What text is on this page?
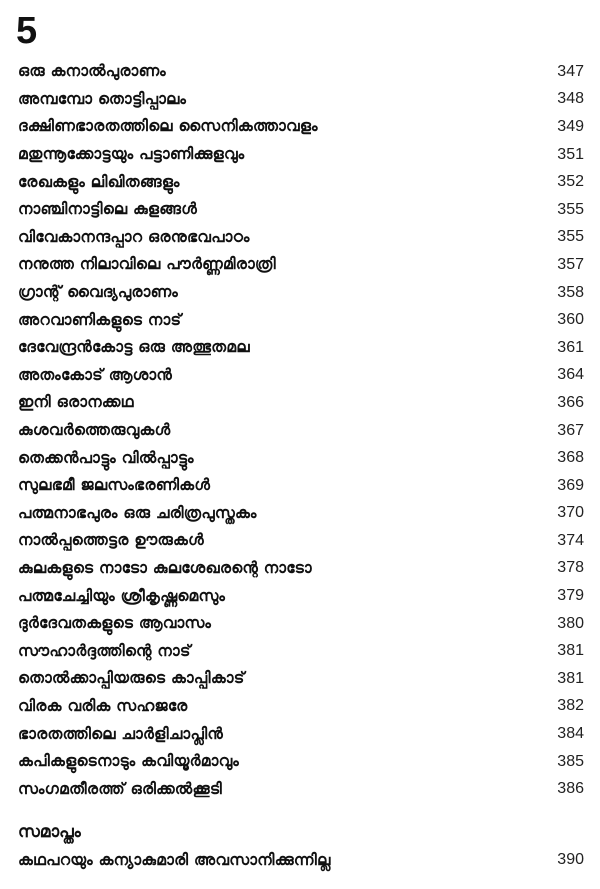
5
ഒരു കനാൽപുരാണം	347
അമ്പമ്പോ തൊട്ടിപ്പാലം	348
ദക്ഷിണഭാരതത്തിലെ സൈനികത്താവളം	349
മതുന്നൂക്കോട്ടയും പട്ടാണിക്കുളവും	351
രേഖകളും ലിഖിതങ്ങളും	352
നാഞ്ചിനാട്ടിലെ കുളങ്ങൾ	355
വിവേകാനന്ദപ്പാറ ഒരനുഭവപാഠം	355
നനുത്ത നിലാവിലെ പൗർണ്ണമിരാത്രി	357
ഗ്രാന്റ് വൈദ്യപുരാണം	358
അറവാണികളുടെ നാട്	360
ദേവേന്ദ്രൻകോട്ട ഒരു അത്ഭുതമല	361
അതംകോട് ആശാൻ	364
ഇനി ഒരാനക്കഥ	366
കുശവർത്തെരുവുകൾ	367
തെക്കൻപാട്ടും വിൽപ്പാട്ടും	368
സുലഭമീ ജലസംഭരണികൾ	369
പത്മനാഭപുരം ഒരു ചരിത്രപുസ്തകം	370
നാൽപ്പത്തെട്ടര ഊരുകൾ	374
കുലകളുടെ നാടോ കുലശേഖരന്റെ നാടോ	378
പത്മചേച്ചിയും ശ്രീകൃഷ്ണമെസും	379
ദുർദേവതകളുടെ ആവാസം	380
സൗഹാർദ്ദത്തിന്റെ നാട്	381
തൊൽക്കാപ്പിയരുടെ കാപ്പികാട്	381
വിരക വരിക സഹജരേ	382
ഭാരതത്തിലെ ചാർളിചാപ്ലിൻ	384
കപികളുടെനാടും കവിയൂർമാവും	385
സംഗമതീരത്ത് ഒരിക്കൽക്കൂടി	386
സമാപ്തം
കഥപറയും കന്യാകുമാരി അവസാനിക്കുന്നില്ല	390
